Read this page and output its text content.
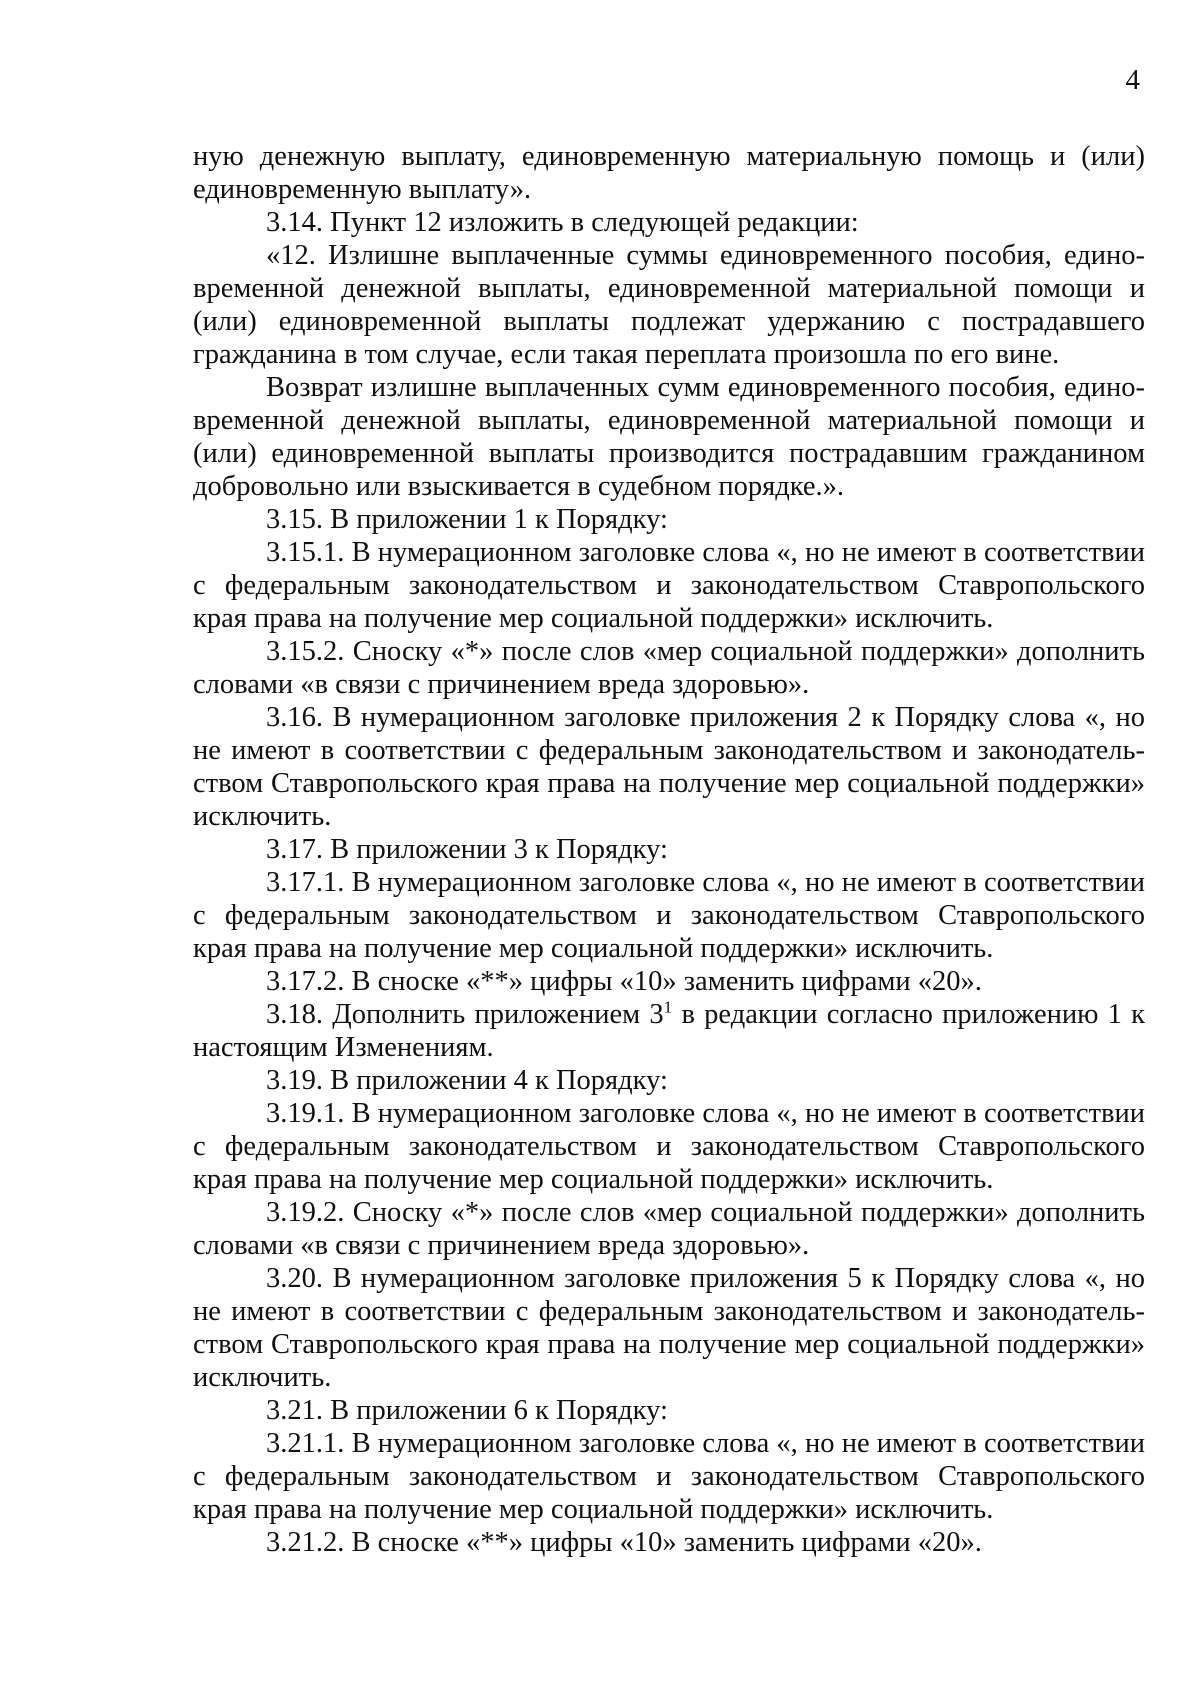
4

ную денежную выплату, единовременную материальную помощь и (или) единовременную выплату».

3.14. Пункт 12 изложить в следующей редакции:

«12. Излишне выплаченные суммы единовременного пособия, единовременной денежной выплаты, единовременной материальной помощи и (или) единовременной выплаты подлежат удержанию с пострадавшего гражданина в том случае, если такая переплата произошла по его вине.

Возврат излишне выплаченных сумм единовременного пособия, единовременной денежной выплаты, единовременной материальной помощи и (или) единовременной выплаты производится пострадавшим гражданином добровольно или взыскивается в судебном порядке.».

3.15. В приложении 1 к Порядку:

3.15.1. В нумерационном заголовке слова «, но не имеют в соответствии с федеральным законодательством и законодательством Ставропольского края права на получение мер социальной поддержки» исключить.

3.15.2. Сноску «*» после слов «мер социальной поддержки» дополнить словами «в связи с причинением вреда здоровью».

3.16. В нумерационном заголовке приложения 2 к Порядку слова «, но не имеют в соответствии с федеральным законодательством и законодательством Ставропольского края права на получение мер социальной поддержки» исключить.

3.17. В приложении 3 к Порядку:

3.17.1. В нумерационном заголовке слова «, но не имеют в соответствии с федеральным законодательством и законодательством Ставропольского края права на получение мер социальной поддержки» исключить.

3.17.2. В сноске «**» цифры «10» заменить цифрами «20».

3.18. Дополнить приложением $3^1$ в редакции согласно приложению 1 к настоящим Изменениям.

3.19. В приложении 4 к Порядку:

3.19.1. В нумерационном заголовке слова «, но не имеют в соответствии с федеральным законодательством и законодательством Ставропольского края права на получение мер социальной поддержки» исключить.

3.19.2. Сноску «*» после слов «мер социальной поддержки» дополнить словами «в связи с причинением вреда здоровью».

3.20. В нумерационном заголовке приложения 5 к Порядку слова «, но не имеют в соответствии с федеральным законодательством и законодательством Ставропольского края права на получение мер социальной поддержки» исключить.

3.21. В приложении 6 к Порядку:

3.21.1. В нумерационном заголовке слова «, но не имеют в соответствии с федеральным законодательством и законодательством Ставропольского края права на получение мер социальной поддержки» исключить.

3.21.2. В сноске «**» цифры «10» заменить цифрами «20».
